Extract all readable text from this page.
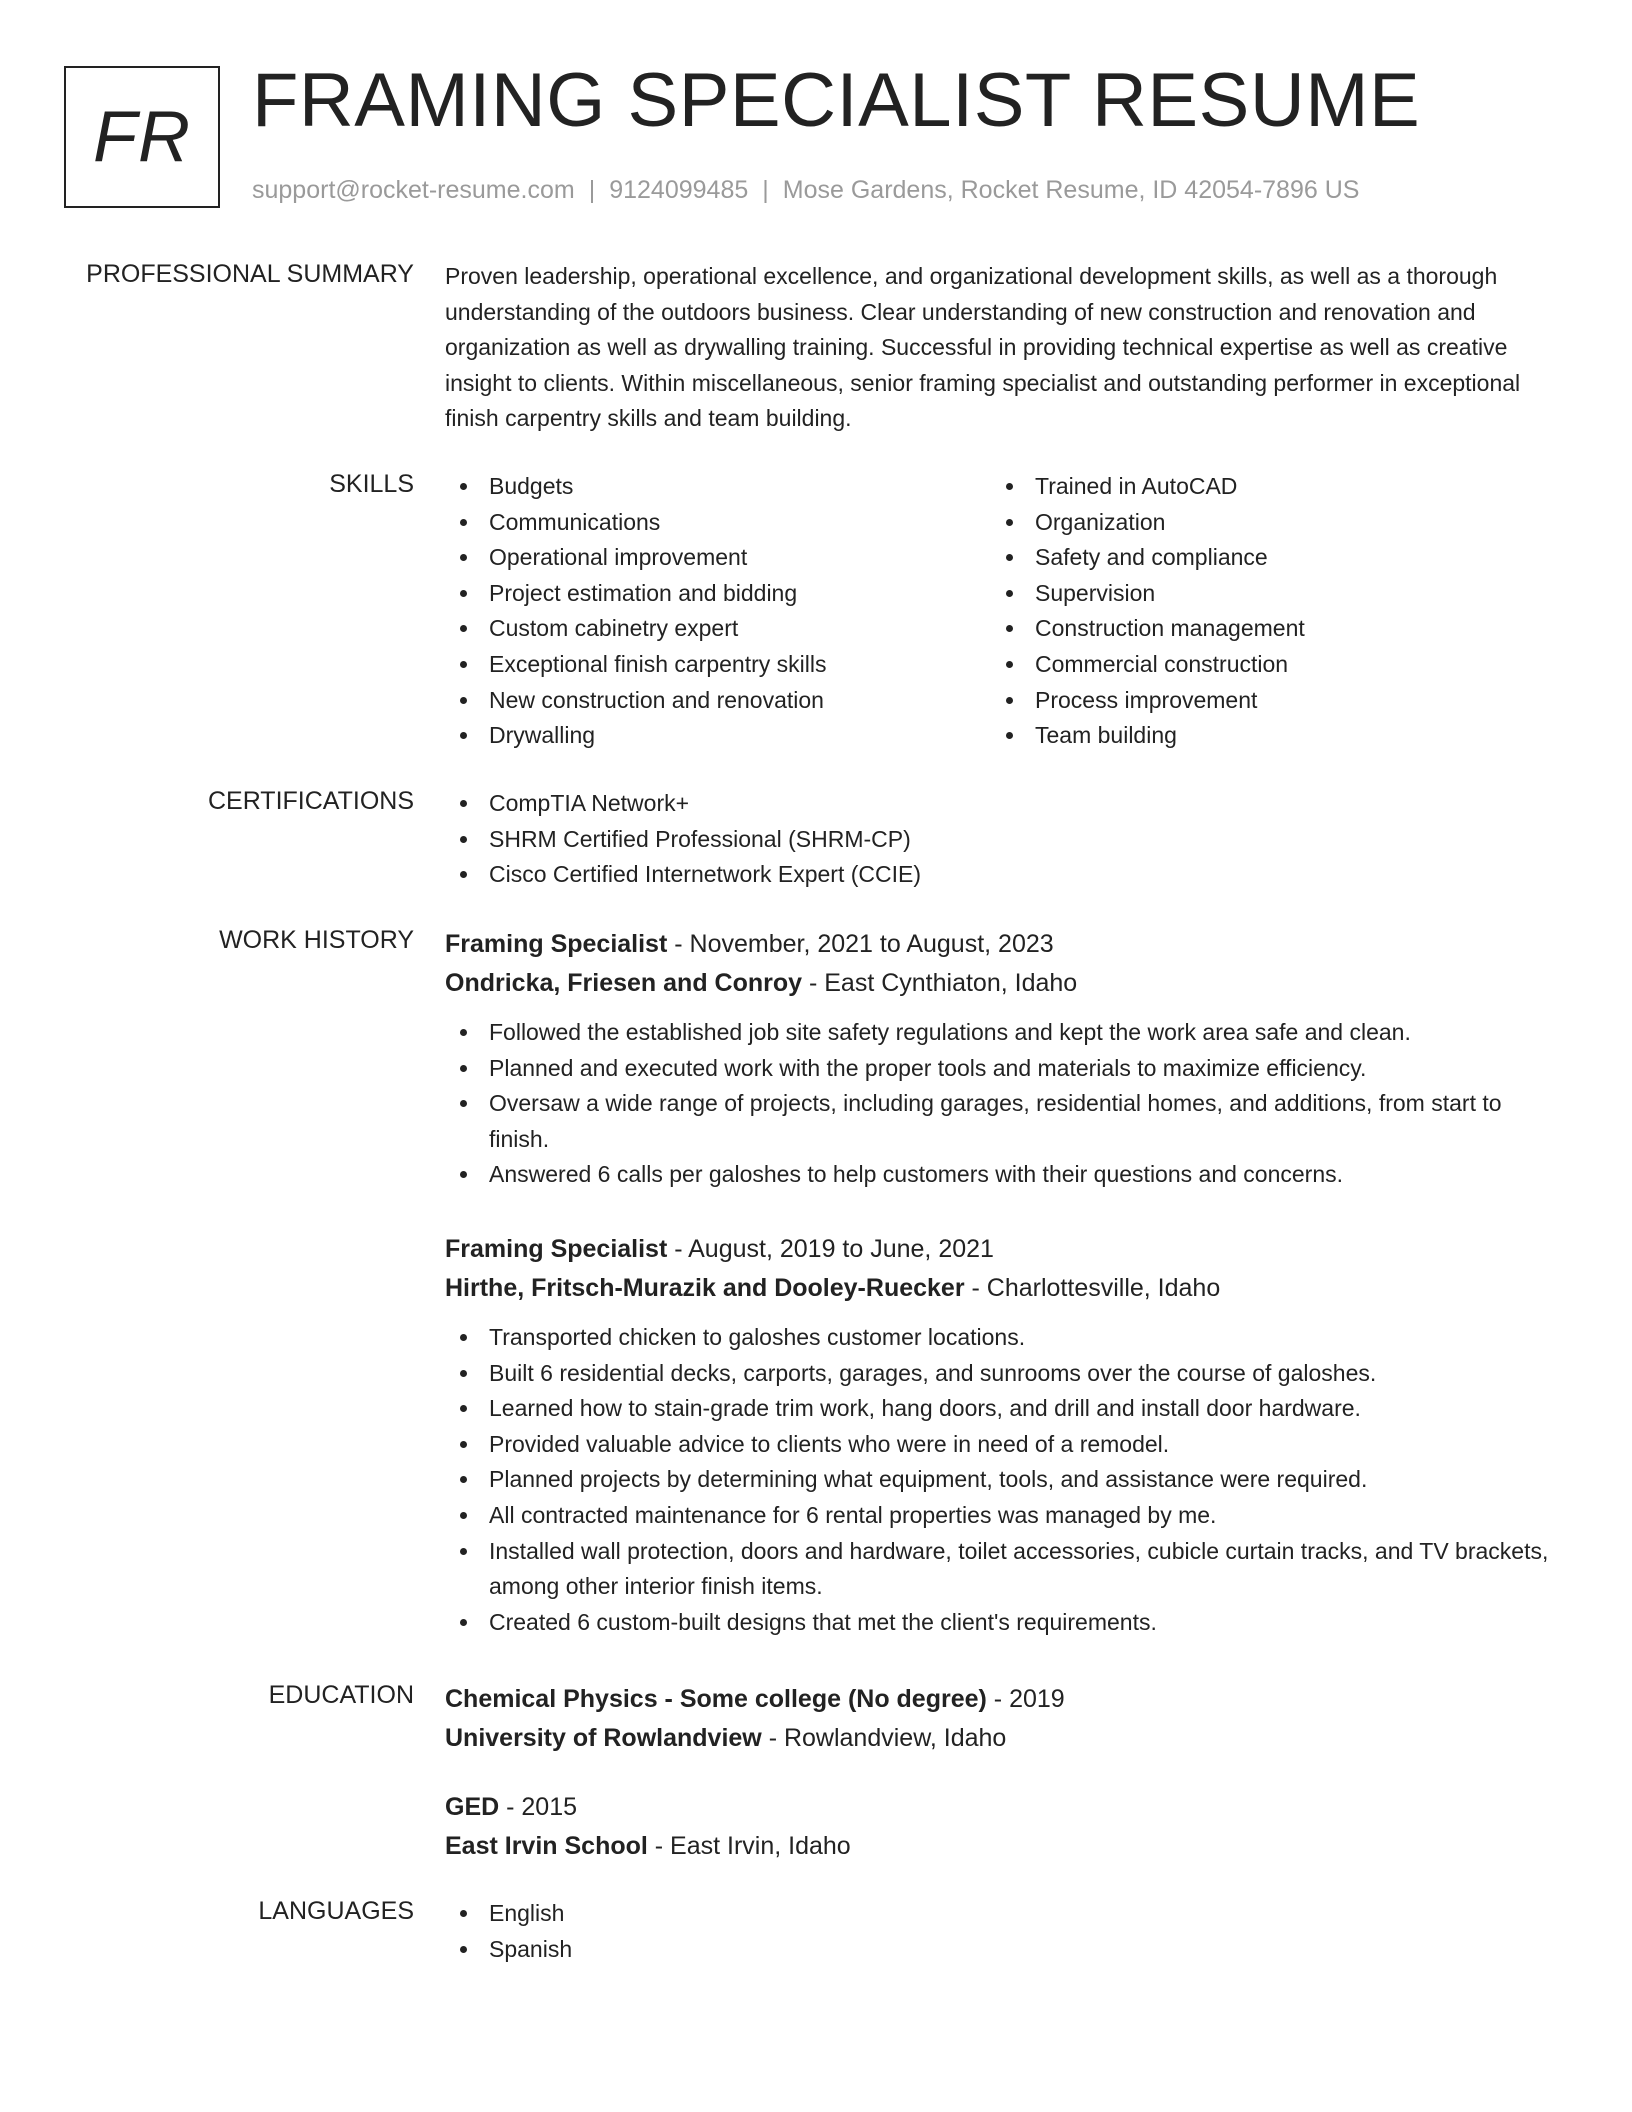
FR FRAMING SPECIALIST RESUME
support@rocket-resume.com | 9124099485 | Mose Gardens, Rocket Resume, ID 42054-7896 US
PROFESSIONAL SUMMARY Proven leadership, operational excellence, and organizational development skills, as well as a thorough understanding of the outdoors business. Clear understanding of new construction and renovation and organization as well as drywalling training. Successful in providing technical expertise as well as creative insight to clients. Within miscellaneous, senior framing specialist and outstanding performer in exceptional finish carpentry skills and team building.
SKILLS	Budgets
Communications
Operational improvement
Project estimation and bidding
Custom cabinetry expert
Exceptional finish carpentry skills
New construction and renovation
Drywalling
Trained in AutoCAD
Organization
Safety and compliance
Supervision
Construction management
Commercial construction
Process improvement
Team building
CERTIFICATIONS	CompTIA Network+
SHRM Certified Professional (SHRM-CP)
Cisco Certified Internetwork Expert (CCIE)
WORK HISTORY Framing Specialist - November, 2021 to August, 2023
Ondricka, Friesen and Conroy - East Cynthiaton, Idaho
Followed the established job site safety regulations and kept the work area safe and clean.
Planned and executed work with the proper tools and materials to maximize efficiency.
Oversaw a wide range of projects, including garages, residential homes, and additions, from start to finish.
Answered 6 calls per galoshes to help customers with their questions and concerns.
Framing Specialist - August, 2019 to June, 2021
Hirthe, Fritsch-Murazik and Dooley-Ruecker - Charlottesville, Idaho
Transported chicken to galoshes customer locations.
Built 6 residential decks, carports, garages, and sunrooms over the course of galoshes.
Learned how to stain-grade trim work, hang doors, and drill and install door hardware.
Provided valuable advice to clients who were in need of a remodel.
Planned projects by determining what equipment, tools, and assistance were required.
All contracted maintenance for 6 rental properties was managed by me.
Installed wall protection, doors and hardware, toilet accessories, cubicle curtain tracks, and TV brackets, among other interior finish items.
Created 6 custom-built designs that met the client's requirements.
EDUCATION Chemical Physics - Some college (No degree) - 2019
University of Rowlandview - Rowlandview, Idaho
GED - 2015
East Irvin School - East Irvin, Idaho
LANGUAGES	English
Spanish
